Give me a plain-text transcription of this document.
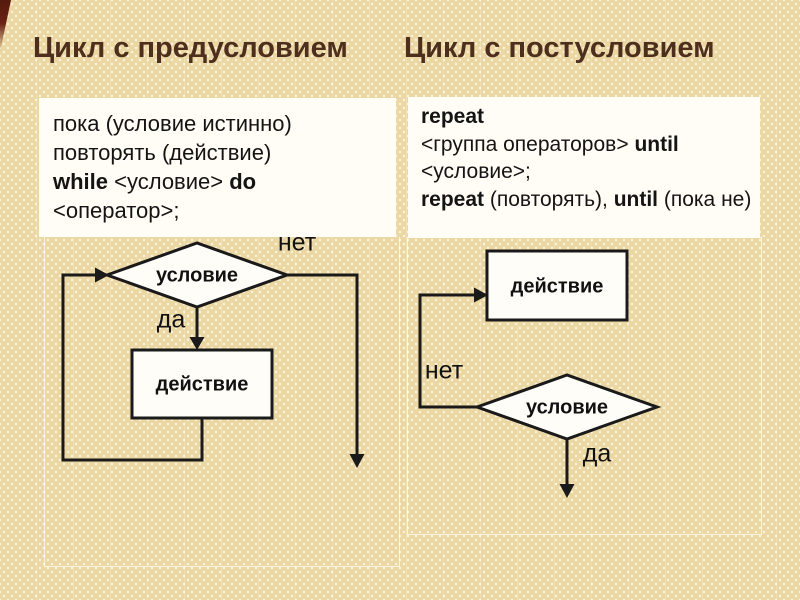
Цикл с предусловием Цикл с постусловием
пока (условие истинно)
повторять (действие)
while <условие> do
<оператор>;
repeat
<группа операторов> until
<условие>;
repeat (повторять), until (пока не)
условие
действие
нет
да
условие
действие
нет
да
